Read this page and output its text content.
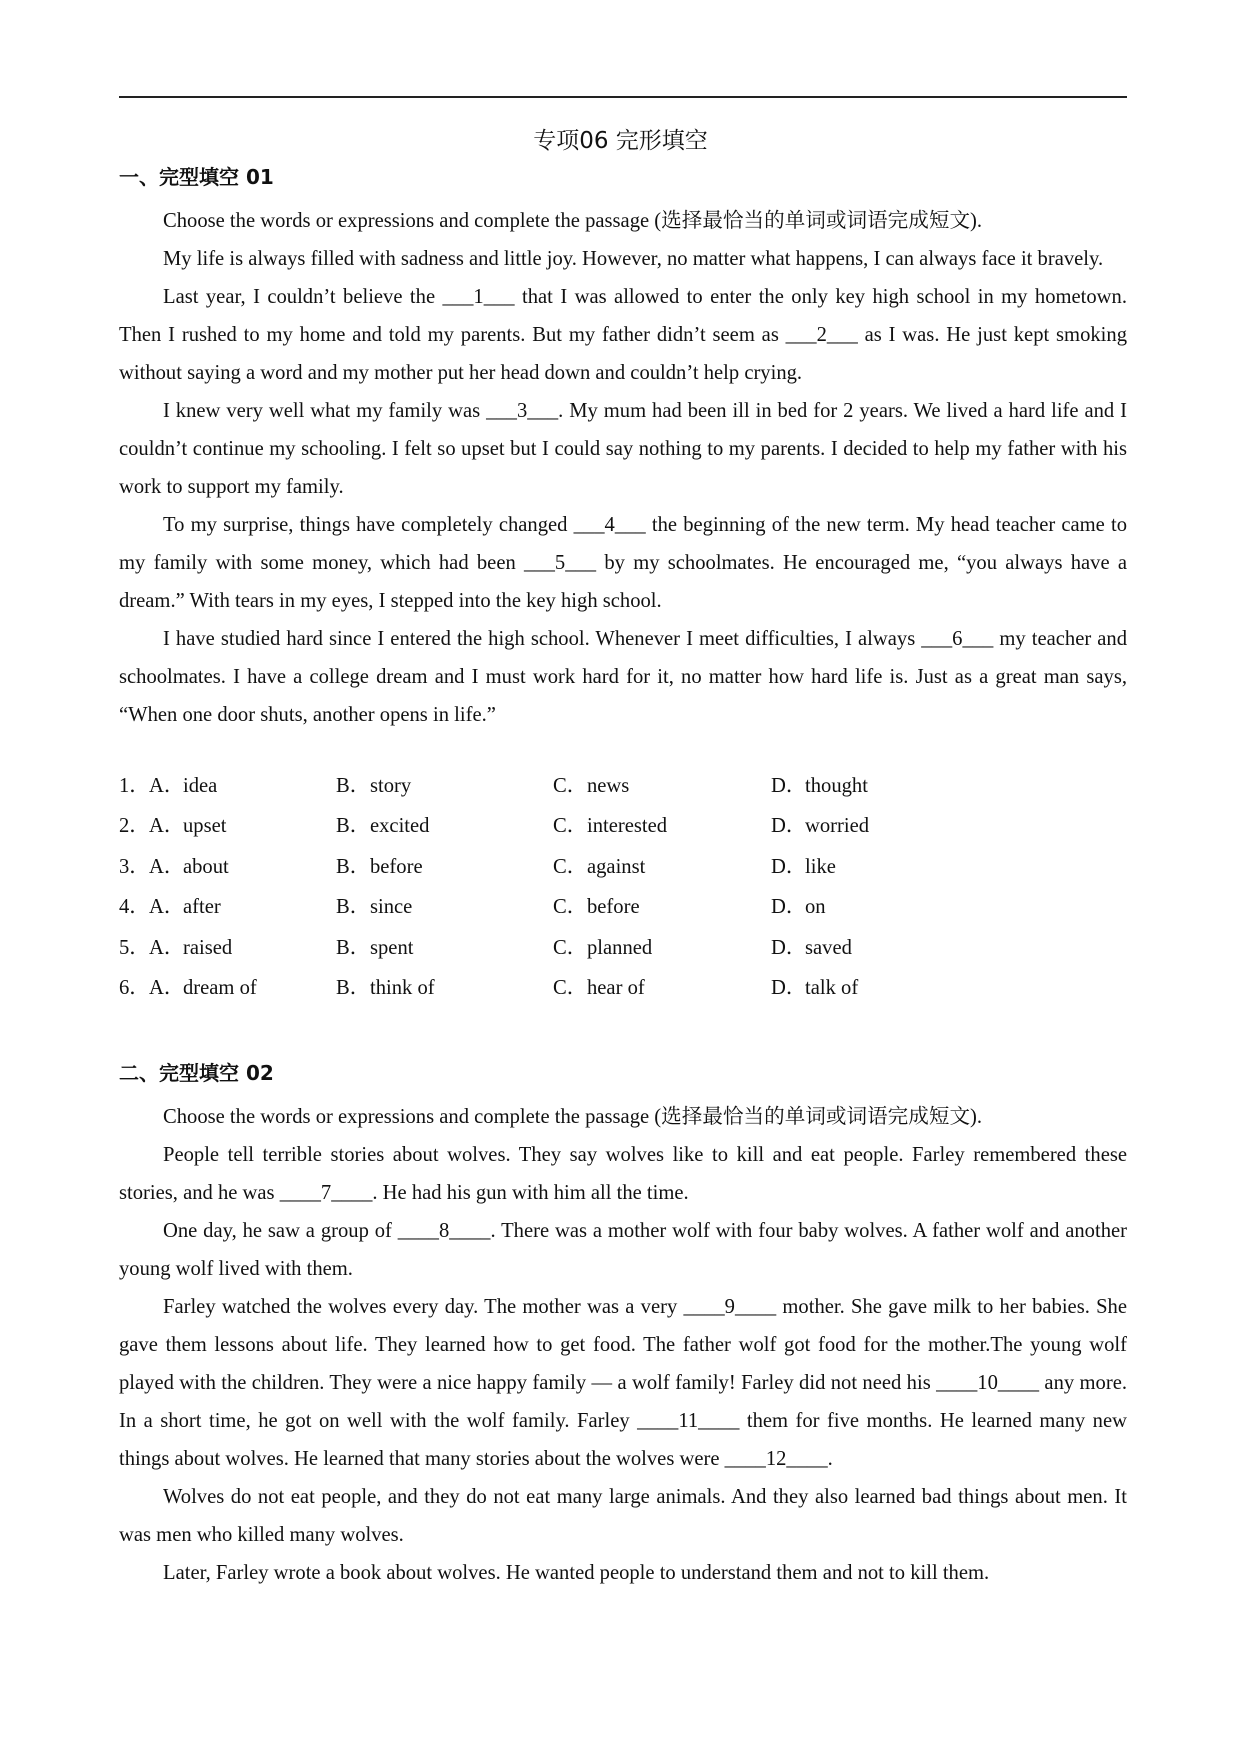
专项06 完形填空
一、完型填空 01

Choose the words or expressions and complete the passage (选择最恰当的单词或词语完成短文).

My life is always filled with sadness and little joy. However, no matter what happens, I can always face it bravely.

Last year, I couldn’t believe the ___1___ that I was allowed to enter the only key high school in my hometown. Then I rushed to my home and told my parents. But my father didn’t seem as ___2___ as I was. He just kept smoking without saying a word and my mother put her head down and couldn’t help crying.

I knew very well what my family was ___3___. My mum had been ill in bed for 2 years. We lived a hard life and I couldn’t continue my schooling. I felt so upset but I could say nothing to my parents. I decided to help my father with his work to support my family.

To my surprise, things have completely changed ___4___ the beginning of the new term. My head teacher came to my family with some money, which had been ___5___ by my schoolmates. He encouraged me, “you always have a dream.” With tears in my eyes, I stepped into the key high school.

I have studied hard since I entered the high school. Whenever I meet difficulties, I always ___6___ my teacher and schoolmates. I have a college dream and I must work hard for it, no matter how hard life is. Just as a great man says, “When one door shuts, another opens in life.”

1． A．idea	B．story	C．news	D．thought
2． A．upset	B．excited	C．interested	D．worried
3． A．about	B．before	C．against	D．like
4． A．after	B．since	C．before	D．on
5． A．raised	B．spent	C．planned	D．saved
6． A．dream of	B．think of	C．hear of	D．talk of
二、完型填空 02

Choose the words or expressions and complete the passage (选择最恰当的单词或词语完成短文).

People tell terrible stories about wolves. They say wolves like to kill and eat people. Farley remembered these stories, and he was ____7____. He had his gun with him all the time.

One day, he saw a group of ____8____. There was a mother wolf with four baby wolves. A father wolf and another young wolf lived with them.

Farley watched the wolves every day. The mother was a very ____9____ mother. She gave milk to her babies. She gave them lessons about life. They learned how to get food. The father wolf got food for the mother.The young wolf played with the children. They were a nice happy family — a wolf family! Farley did not need his ____10____ any more. In a short time, he got on well with the wolf family. Farley ____11____ them for five months. He learned many new things about wolves. He learned that many stories about the wolves were ____12____.

Wolves do not eat people, and they do not eat many large animals. And they also learned bad things about men. It was men who killed many wolves.

Later, Farley wrote a book about wolves. He wanted people to understand them and not to kill them.
